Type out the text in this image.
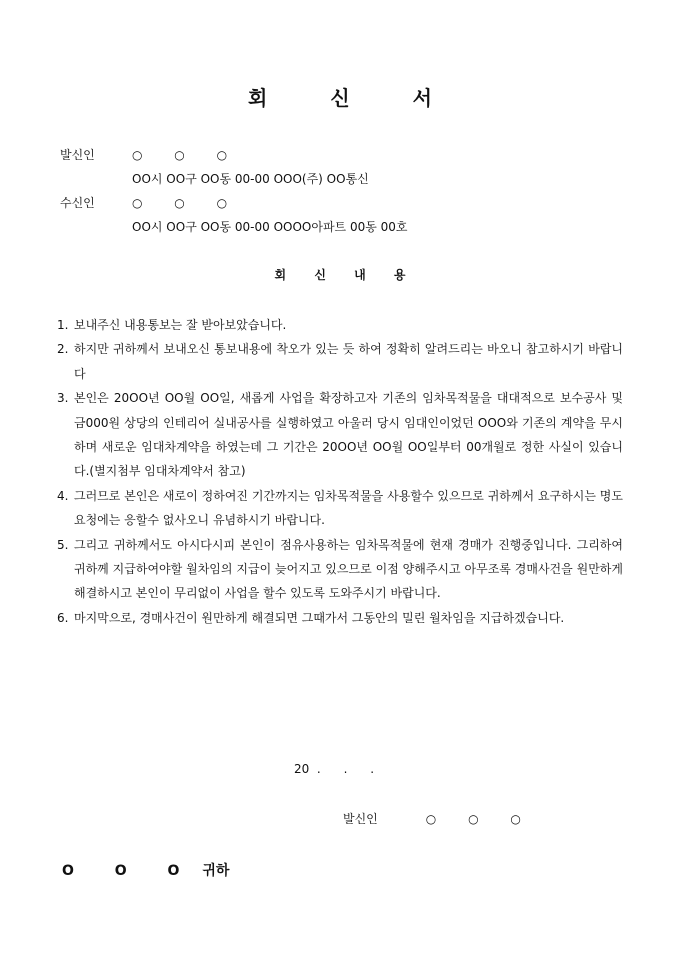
회 신 서
발신인	○ ○ ○
OO시 OO구 OO동 00-00 OOO(주) OO통신
수신인	○ ○ ○
OO시 OO구 OO동 00-00 OOOO아파트 00동 00호
회 신 내 용
1. 보내주신 내용통보는 잘 받아보았습니다.
2. 하지만 귀하께서 보내오신 통보내용에 착오가 있는 듯 하여 정확히 알려드리는 바오니 참고하시기 바랍니다
3. 본인은 20OO년 OO월 OO일, 새롭게 사업을 확장하고자 기존의 임차목적물을 대대적으로 보수공사 및 금000원 상당의 인테리어 실내공사를 실행하였고 아울러 당시 임대인이었던 OOO와 기존의 계약을 무시하며 새로운 임대차계약을 하였는데 그 기간은 20OO년 OO월 OO일부터 00개월로 정한 사실이 있습니다.(별지첨부 임대차계약서 참고)
4. 그러므로 본인은 새로이 정하여진 기간까지는 임차목적물을 사용할수 있으므로 귀하께서 요구하시는 명도요청에는 응할수 없사오니 유념하시기 바랍니다.
5. 그리고 귀하께서도 아시다시피 본인이 점유사용하는 임차목적물에 현재 경매가 진행중입니다. 그리하여 귀하께 지급하여야할 월차임의 지급이 늦어지고 있으므로 이점 양해주시고 아무조록 경매사건을 원만하게 해결하시고 본인이 무리없이 사업을 할수 있도록 도와주시기 바랍니다.
6. 마지막으로, 경매사건이 원만하게 해결되면 그때가서 그동안의 밀린 월차임을 지급하겠습니다.
20  .      .      .
발신인	○ ○ ○
O O O 귀하
